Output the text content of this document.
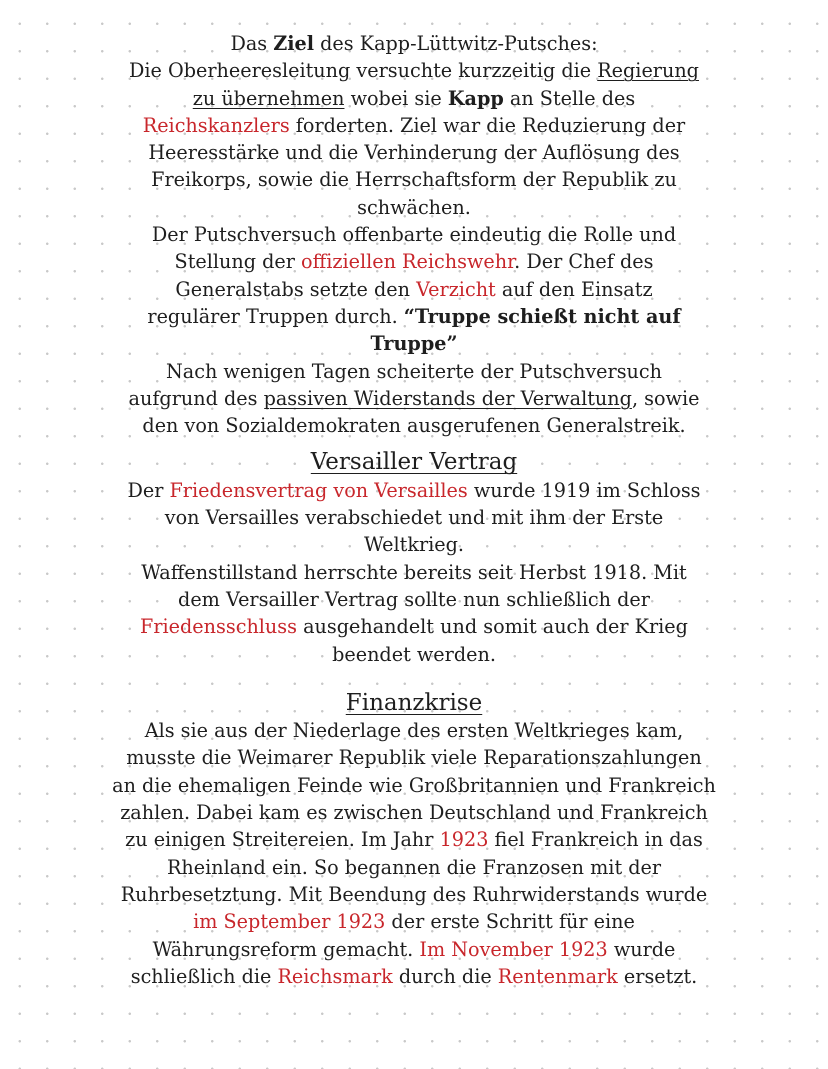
Das Ziel des Kapp-Lüttwitz-Putsches:
Die Oberheeresleitung versuchte kurzzeitig die Regierung
zu übernehmen wobei sie Kapp an Stelle des
Reichskanzlers forderten. Ziel war die Reduzierung der
Heeresstärke und die Verhinderung der Auflösung des
Freikorps, sowie die Herrschaftsform der Republik zu
schwächen.
Der Putschversuch offenbarte eindeutig die Rolle und
Stellung der offiziellen Reichswehr. Der Chef des
Generalstabs setzte den Verzicht auf den Einsatz
regulärer Truppen durch. “Truppe schießt nicht auf
Truppe”
Nach wenigen Tagen scheiterte der Putschversuch
aufgrund des passiven Widerstands der Verwaltung, sowie
den von Sozialdemokraten ausgerufenen Generalstreik.
Versailler Vertrag
Der Friedensvertrag von Versailles wurde 1919 im Schloss
von Versailles verabschiedet und mit ihm der Erste
Weltkrieg.
Waffenstillstand herrschte bereits seit Herbst 1918. Mit
dem Versailler Vertrag sollte nun schließlich der
Friedensschluss ausgehandelt und somit auch der Krieg
beendet werden.
Finanzkrise
Als sie aus der Niederlage des ersten Weltkrieges kam,
musste die Weimarer Republik viele Reparationszahlungen
an die ehemaligen Feinde wie Großbritannien und Frankreich
zahlen. Dabei kam es zwischen Deutschland und Frankreich
zu einigen Streitereien. Im Jahr 1923 fiel Frankreich in das
Rheinland ein. So begannen die Franzosen mit der
Ruhrbesetztung. Mit Beendung des Ruhrwiderstands wurde
im September 1923 der erste Schritt für eine
Währungsreform gemacht. Im November 1923 wurde
schließlich die Reichsmark durch die Rentenmark ersetzt.
